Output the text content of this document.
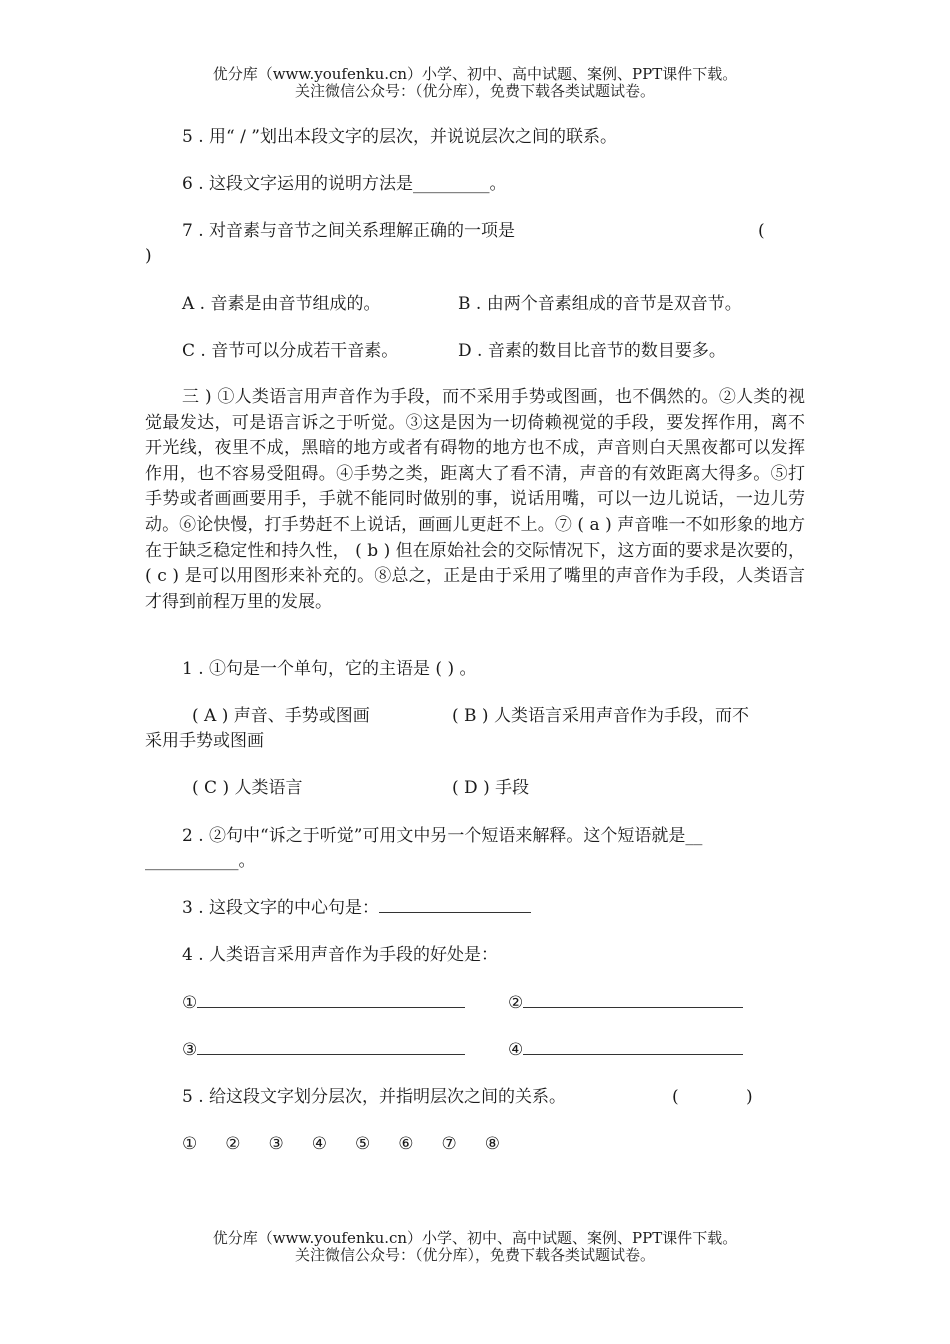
优分库（www.youfenku.cn）小学、初中、高中试题、案例、PPT课件下载。
关注微信公众号：（优分库），免费下载各类试题试卷。
5 . 用“ / ”划出本段文字的层次，并说说层次之间的联系。
6 . 这段文字运用的说明方法是_________。
7 . 对音素与音节之间关系理解正确的一项是	(
)
A . 音素是由音节组成的。	B . 由两个音素组成的音节是双音节。
C . 音节可以分成若干音素。	D . 音素的数目比音节的数目要多。
三 ) ①人类语言用声音作为手段，而不采用手势或图画，也不偶然的。②人类的视觉最发达，可是语言诉之于听觉。③这是因为一切倚赖视觉的手段，要发挥作用，离不开光线，夜里不成，黑暗的地方或者有碍物的地方也不成，声音则白天黑夜都可以发挥作用，也不容易受阻碍。④手势之类，距离大了看不清，声音的有效距离大得多。⑤打手势或者画画要用手，手就不能同时做别的事，说话用嘴，可以一边儿说话，一边儿劳动。⑥论快慢，打手势赶不上说话，画画儿更赶不上。⑦ ( a ) 声音唯一不如形象的地方在于缺乏稳定性和持久性， ( b ) 但在原始社会的交际情况下，这方面的要求是次要的， ( c ) 是可以用图形来补充的。⑧总之，正是由于采用了嘴里的声音作为手段，人类语言才得到前程万里的发展。
1 . ①句是一个单句，它的主语是 ( ) 。
( A ) 声音、手势或图画	( B ) 人类语言采用声音作为手段，而不
采用手势或图画
( C ) 人类语言	( D ) 手段
2 . ②句中“诉之于听觉”可用文中另一个短语来解释。这个短语就是__
___________。
3 . 这段文字的中心句是：
4 . 人类语言采用声音作为手段的好处是：
①	②
③	④
5 . 给这段文字划分层次，并指明层次之间的关系。	(	)
① ② ③ ④ ⑤ ⑥ ⑦ ⑧
优分库（www.youfenku.cn）小学、初中、高中试题、案例、PPT课件下载。
关注微信公众号：（优分库），免费下载各类试题试卷。
